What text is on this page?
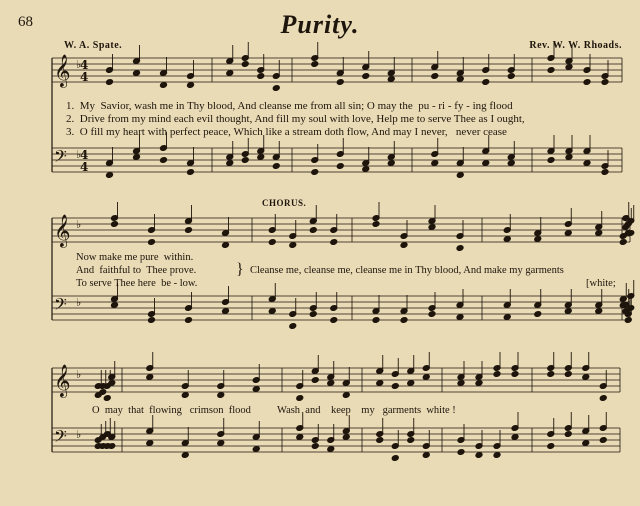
68	Purity.
W. A. Spate.	Rev. W. W. Rhoads.
𝄞 ♭
𝄢 ♭
𝄞 ♭
𝄢 ♭
𝄞 ♭
𝄢 ♭
4
4
4
4
1.  My  Savior, wash me in Thy blood, And cleanse me from all sin; O may the  pu - ri - fy - ing flood
2.  Drive from my mind each evil thought, And fill my soul with love, Help me to serve Thee as I ought,
3.  O fill my heart with perfect peace, Which like a stream doth flow, And may I never,   never cease
CHORUS.
Now make me pure  within.
And  faithful to  Thee prove.
To serve Thee here  be - low.
} Cleanse me, cleanse me, cleanse me in Thy blood, And make my garments
[white;
O  may  that  flowing   crimson  flood          Wash  and    keep    my   garments  white !
